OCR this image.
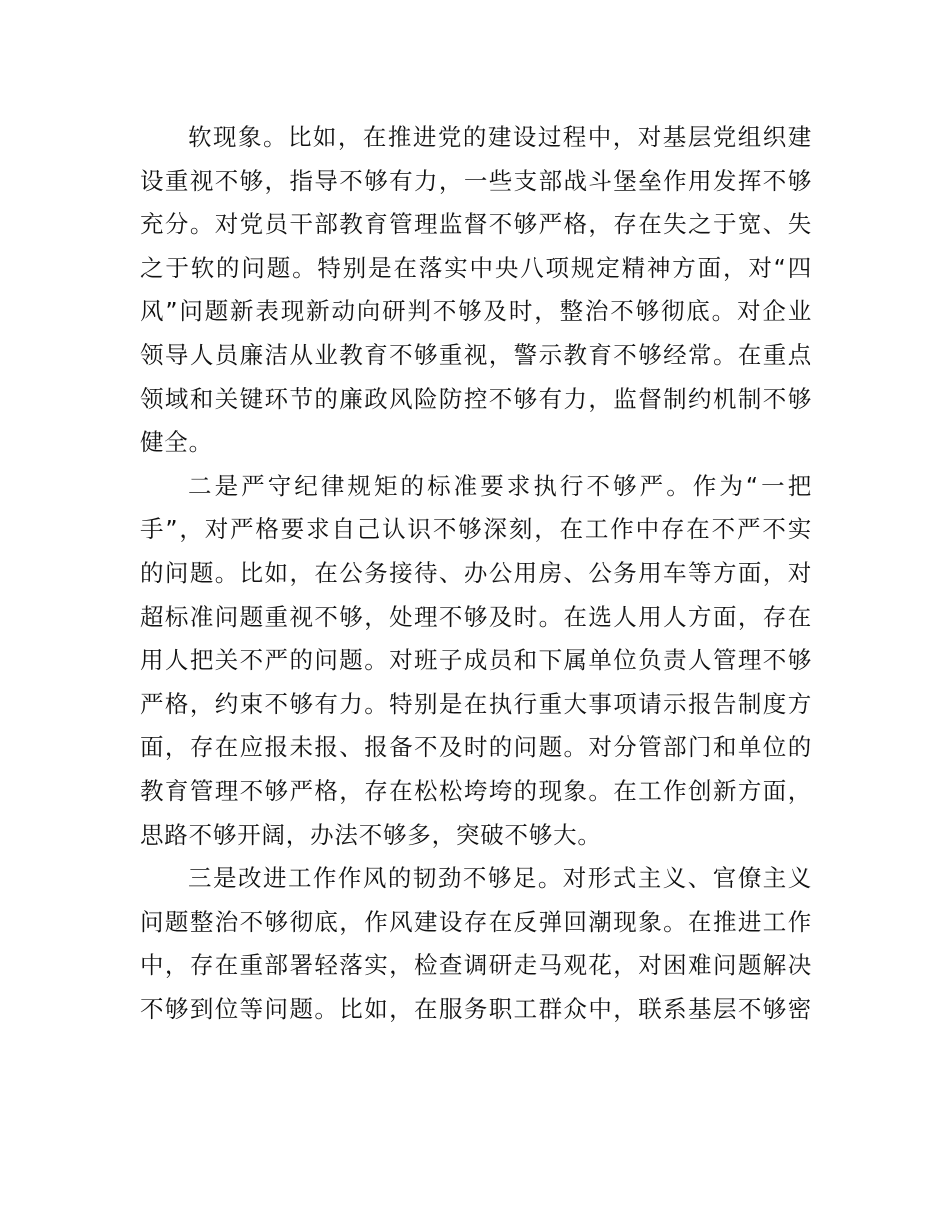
软现象。比如，在推进党的建设过程中，对基层党组织建
设重视不够，指导不够有力，一些支部战斗堡垒作用发挥不够
充分。对党员干部教育管理监督不够严格，存在失之于宽、失
之于软的问题。特别是在落实中央八项规定精神方面，对“四
风”问题新表现新动向研判不够及时，整治不够彻底。对企业
领导人员廉洁从业教育不够重视，警示教育不够经常。在重点
领域和关键环节的廉政风险防控不够有力，监督制约机制不够
健全。
二是严守纪律规矩的标准要求执行不够严。作为“一把
手”，对严格要求自己认识不够深刻，在工作中存在不严不实
的问题。比如，在公务接待、办公用房、公务用车等方面，对
超标准问题重视不够，处理不够及时。在选人用人方面，存在
用人把关不严的问题。对班子成员和下属单位负责人管理不够
严格，约束不够有力。特别是在执行重大事项请示报告制度方
面，存在应报未报、报备不及时的问题。对分管部门和单位的
教育管理不够严格，存在松松垮垮的现象。在工作创新方面，
思路不够开阔，办法不够多，突破不够大。
三是改进工作作风的韧劲不够足。对形式主义、官僚主义
问题整治不够彻底，作风建设存在反弹回潮现象。在推进工作
中，存在重部署轻落实，检查调研走马观花，对困难问题解决
不够到位等问题。比如，在服务职工群众中，联系基层不够密
